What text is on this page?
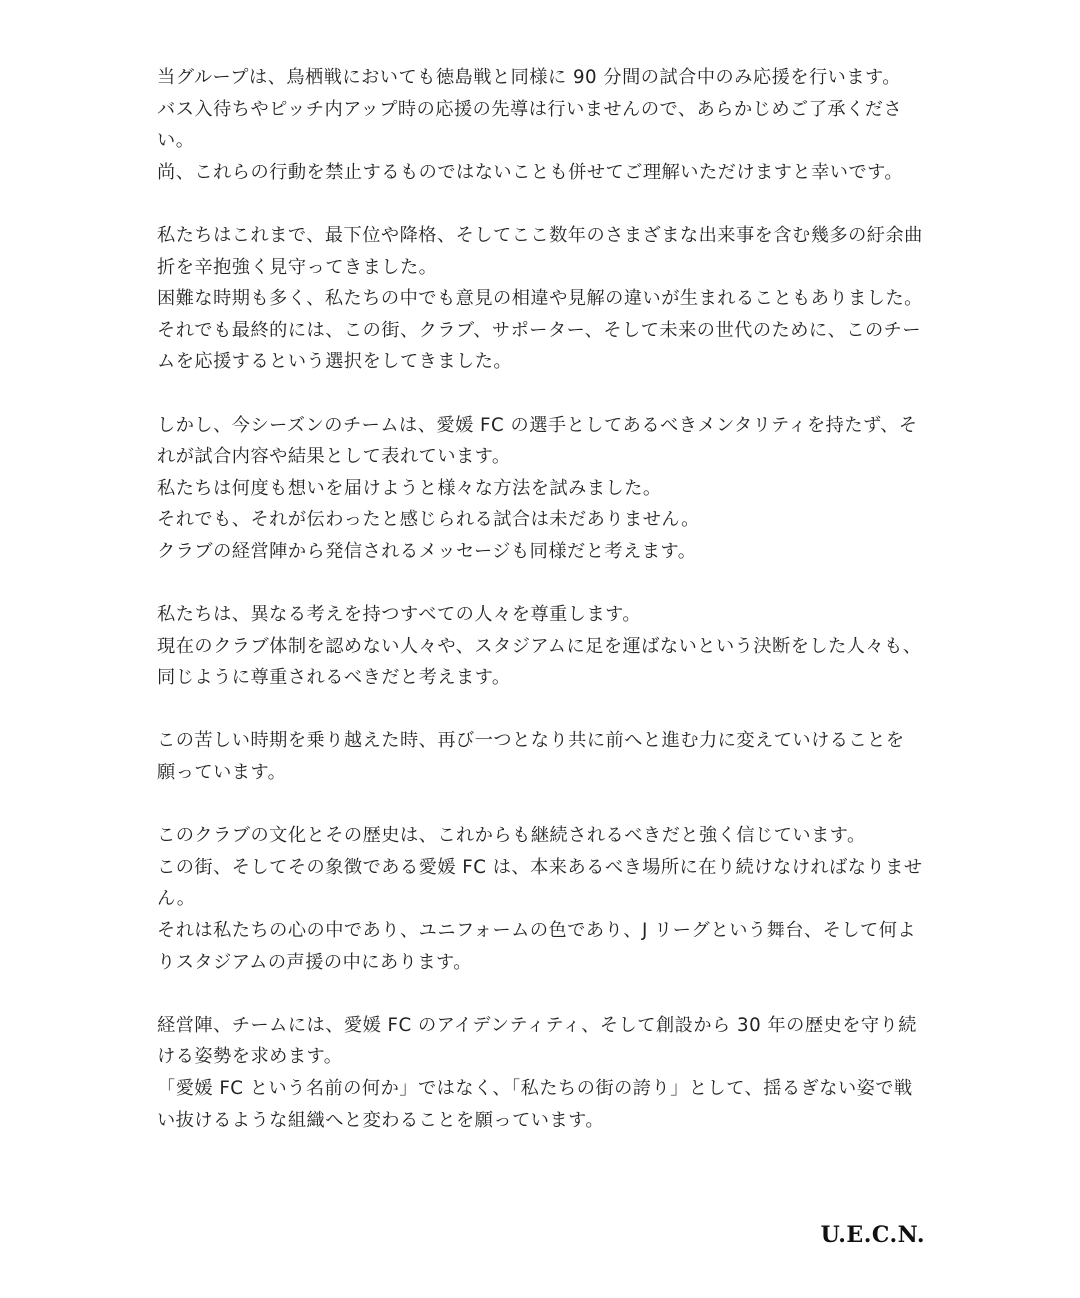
当グループは、鳥栖戦においても徳島戦と同様に 90 分間の試合中のみ応援を行います。
バス入待ちやピッチ内アップ時の応援の先導は行いませんので、あらかじめご了承くださ
い。
尚、これらの行動を禁止するものではないことも併せてご理解いただけますと幸いです。

私たちはこれまで、最下位や降格、そしてここ数年のさまざまな出来事を含む幾多の紆余曲
折を辛抱強く見守ってきました。
困難な時期も多く、私たちの中でも意見の相違や見解の違いが生まれることもありました。
それでも最終的には、この街、クラブ、サポーター、そして未来の世代のために、このチー
ムを応援するという選択をしてきました。

しかし、今シーズンのチームは、愛媛 FC の選手としてあるべきメンタリティを持たず、そ
れが試合内容や結果として表れています。
私たちは何度も想いを届けようと様々な方法を試みました。
それでも、それが伝わったと感じられる試合は未だありません。
クラブの経営陣から発信されるメッセージも同様だと考えます。

私たちは、異なる考えを持つすべての人々を尊重します。
現在のクラブ体制を認めない人々や、スタジアムに足を運ばないという決断をした人々も、
同じように尊重されるべきだと考えます。

この苦しい時期を乗り越えた時、再び一つとなり共に前へと進む力に変えていけることを
願っています。

このクラブの文化とその歴史は、これからも継続されるべきだと強く信じています。
この街、そしてその象徴である愛媛 FC は、本来あるべき場所に在り続けなければなりませ
ん。
それは私たちの心の中であり、ユニフォームの色であり、J リーグという舞台、そして何よ
りスタジアムの声援の中にあります。

経営陣、チームには、愛媛 FC のアイデンティティ、そして創設から 30 年の歴史を守り続
ける姿勢を求めます。
「愛媛 FC という名前の何か」ではなく、「私たちの街の誇り」として、揺るぎない姿で戦
い抜けるような組織へと変わることを願っています。

U.E.C.N.
